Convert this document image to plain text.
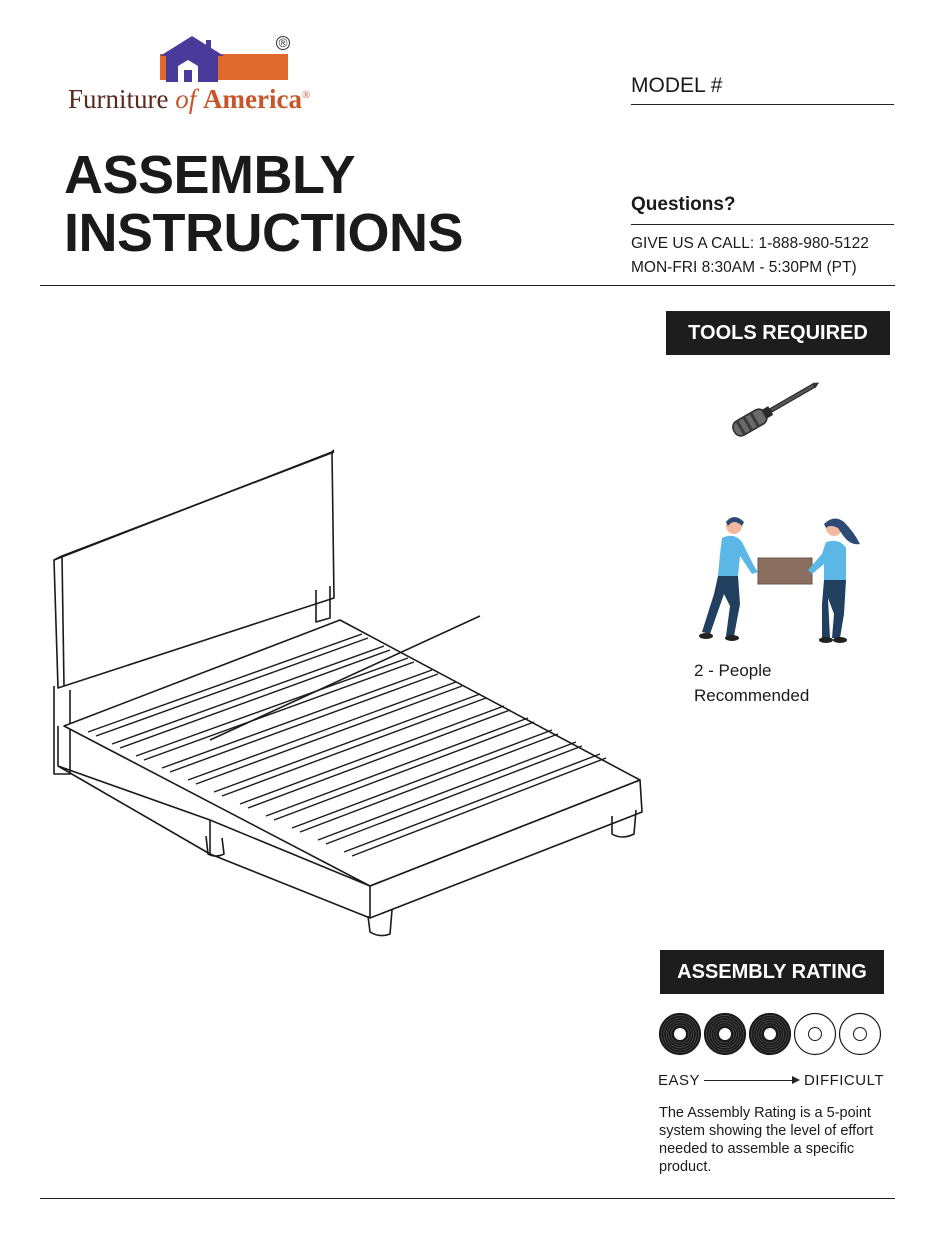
®
Furniture of America®
ASSEMBLY
INSTRUCTIONS
MODEL #
Questions?
GIVE US A CALL: 1-888-980-5122
MON-FRI 8:30AM - 5:30PM (PT)
TOOLS REQUIRED
2 - People
Recommended
ASSEMBLY RATING
EASY	DIFFICULT
The Assembly Rating is a 5-point system showing the level of effort needed to assemble a specific product.
